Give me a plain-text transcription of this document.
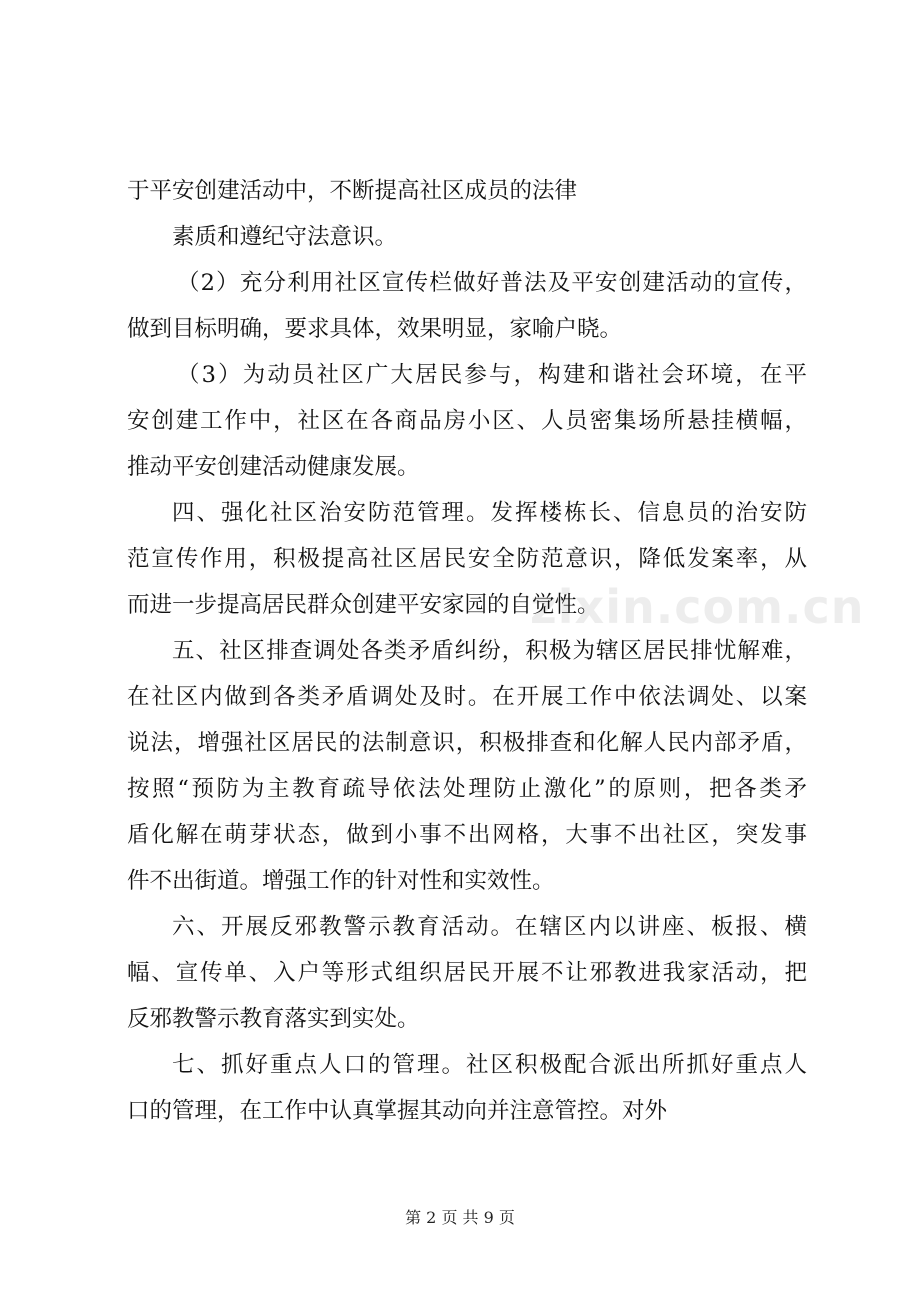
zixin.com.cn
于平安创建活动中，不断提高社区成员的法律
素质和遵纪守法意识。
（2）充分利用社区宣传栏做好普法及平安创建活动的宣传，
做到目标明确，要求具体，效果明显，家喻户晓。
（3）为动员社区广大居民参与，构建和谐社会环境，在平
安创建工作中，社区在各商品房小区、人员密集场所悬挂横幅，
推动平安创建活动健康发展。
四、强化社区治安防范管理。发挥楼栋长、信息员的治安防
范宣传作用，积极提高社区居民安全防范意识，降低发案率，从
而进一步提高居民群众创建平安家园的自觉性。
五、社区排查调处各类矛盾纠纷，积极为辖区居民排忧解难，
在社区内做到各类矛盾调处及时。在开展工作中依法调处、以案
说法，增强社区居民的法制意识，积极排查和化解人民内部矛盾，
按照“预防为主教育疏导依法处理防止激化”的原则，把各类矛
盾化解在萌芽状态，做到小事不出网格，大事不出社区，突发事
件不出街道。增强工作的针对性和实效性。
六、开展反邪教警示教育活动。在辖区内以讲座、板报、横
幅、宣传单、入户等形式组织居民开展不让邪教进我家活动，把
反邪教警示教育落实到实处。
七、抓好重点人口的管理。社区积极配合派出所抓好重点人
口的管理，在工作中认真掌握其动向并注意管控。对外
第 2 页 共 9 页
